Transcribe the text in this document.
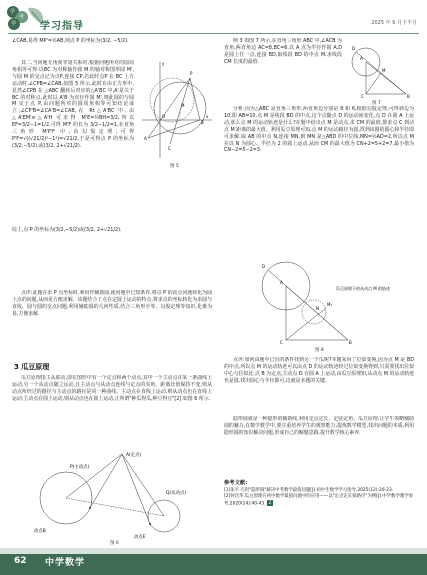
学
考
学 学习指导	2025 年 6 月下半月

∠CAB,易得 MP'=½AB,则点 P 的坐标为(3/2, −5/2).

其二,当问题无角度等量关系时,根据问题所对的圆周角相等可得:以BC 为对称轴作圆 M 的轴对称图形圆 M',与圆 M 的交点记为点P,连接 CP,若此时点P 在 BC 上方运动时,∠CPB=∠CAB,如图 5 所示,此时在由正方形中,显然∠CPB 在 △ABC 翻转后对应的△A'BC 中,A'是关于 BC 的对称点,此时以 A'B 为直径作圆 M',则此圆的与圆 M 交于点 P,由问题所对的圆周角相等可知结论成立,∠CP'B=∠CA'B=∠CAB,在 Rt△A'BC 中,由△A'EM'≅△A'H 可求得 M'E=½BH=3/2,所以 EF=3/2−1=1/2,可得 M'F 的长为 3/2−1/2=1,在直角三角形 M'P'F 中,由勾股定理,可得 P'F=√((√21/2)²−1²)=√21/2,于是可得点 P 的坐标为(3/2,−5/2),或(3/2, 2+√21/2).

P
A
B
M
C
O	x
y
图 5

综上,点 P 的坐标为(3/2,−5/2)或(3/2, 2+√21/2).

点评:此题在求 P 点坐标时,利用作辅助圆,使问题中已知条件,将点 P 的动点问题转化为圆上点的问题,从而更方便求解。该题结合了点在定圆上运动的特点,将求点的坐标转化为求圆与直线、圆与圆的交点问题,利用辅助圆的几何性质,结合三角形全等、勾股定理等知识,化难为易,方便求解.

3 瓜豆原理

瓜豆原理指主从联动,即在图形中有一个定点和两个动点,其中一个主动点在某一条曲线上运动,另一个从动点随之运动,且主动点与从动点连线与定点的夹角、距离比值保持不变,则从动点所经过的路径与主动点的路径是同一种曲线。主动点在直线上运动,则从动点也在直线上运动;主动点在圆上运动,则从动点也在圆上运动,正所谓"种瓜得瓜,种豆得豆"[2].如图 6 所示.

A(定点)
P(主动点)
Q(从动点)
动点B
动点E
图 6

例 3 如图 7 所示,在直角三角形 ABC 中,∠ACB 为直角,两直角边 AC=8,BC=6,以 A 点为半径作圆 A,D 是圆上任一点,连接 BD,取线段 BD 的中点 M,求线段 CM 长度的最值.

A
D
M
C	B
图 7

分析:因为△ABC 是直角三角形,两直角边分别是 8 和 6,根据勾股定理,可得斜边为 10,即 AB=10.点 M 是线段 BD 的中点,这个点随点 D 的运动而变化,点 D 在圆 A 上运动,那么点 M 的运动轨迹是什么?在题中给出点 M 是动点,求 CM 的最值,即求点 C 到动点 M 距离的最大值。利用瓜豆原理可知,点 M 的运动路径为圆,找到该圆的圆心和半径即可求解.取 AB 的中点 N,连接 MN,则 MN 是△ABD 的中位线,MN=½AD=2,所以点 M 在以 N 为圆心、半径为 2 的圆上运动,从而 CM 的最大值为 CN+2=5+2=7,最小值为 CN−2=5−2=3.

A
D
N
M₁
C	B
瓜豆原理下的从动点 M 的轨迹
图 8

点评:如何由题中已有的条件找到另一个瓜呢?本题采用了位似变换,因为点 M 是 BD 的中点,所以点 M 的运动轨迹可以由点 D 的运动轨迹经过位似变换得到,只需要找出位似中心与位似比.点 B 为定点,主动点 D 在圆 A 上运动,由瓜豆原理知,从动点 M 的运动轨迹也是圆,找出圆心与半径即可,这就是本题的关键.

隐形圆就是一种隐形的辅助线,利用定点定长、定弦定角、瓜豆原理,让学生领略辅助圆的魅力,在数学教学中,要注重培养学生的观察能力,提炼数学模型,找出问题的本质,利用隐形圆的知识解决问题,形成自己的解题思路,提升数学核心素养.

参考文献:
[1]朱平.巧用"隐形圆"解决中考数学最值问题[J].初中生数学学习指导,2025(12):20-23.
[2]何昌华.瓜豆原理在初中数学最值问题中的应用——以"定点定长探路径"为例[J].中学数学教学参考,2020(14):40-43. Z
62 中学数学
